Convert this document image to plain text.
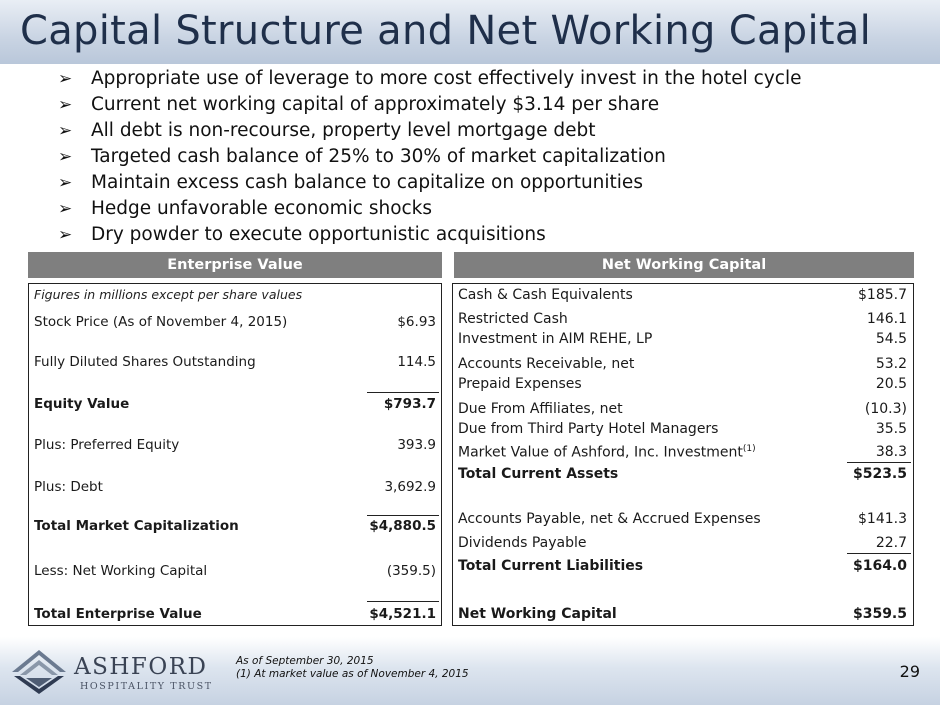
Capital Structure and Net Working Capital
➢ Appropriate use of leverage to more cost effectively invest in the hotel cycle
➢ Current net working capital of approximately $3.14 per share
➢ All debt is non-recourse, property level mortgage debt
➢ Targeted cash balance of 25% to 30% of market capitalization
➢ Maintain excess cash balance to capitalize on opportunities
➢ Hedge unfavorable economic shocks
➢ Dry powder to execute opportunistic acquisitions
Enterprise Value
Figures in millions except per share values
Stock Price (As of November 4, 2015)	$6.93
Fully Diluted Shares Outstanding	114.5
Equity Value	$793.7
Plus: Preferred Equity	393.9
Plus: Debt	3,692.9
Total Market Capitalization	$4,880.5
Less: Net Working Capital	(359.5)
Total Enterprise Value	$4,521.1
Net Working Capital
Cash & Cash Equivalents	$185.7
Restricted Cash	146.1
Investment in AIM REHE, LP	54.5
Accounts Receivable, net	53.2
Prepaid Expenses	20.5
Due From Affiliates, net	(10.3)
Due from Third Party Hotel Managers	35.5
Market Value of Ashford, Inc. Investment$^{(1)}$	38.3
Total Current Assets	$523.5
Accounts Payable, net & Accrued Expenses	$141.3
Dividends Payable	22.7
Total Current Liabilities	$164.0
Net Working Capital	$359.5
ASHFORD
HOSPITALITY TRUST
As of September 30, 2015
(1) At market value as of November 4, 2015	29
